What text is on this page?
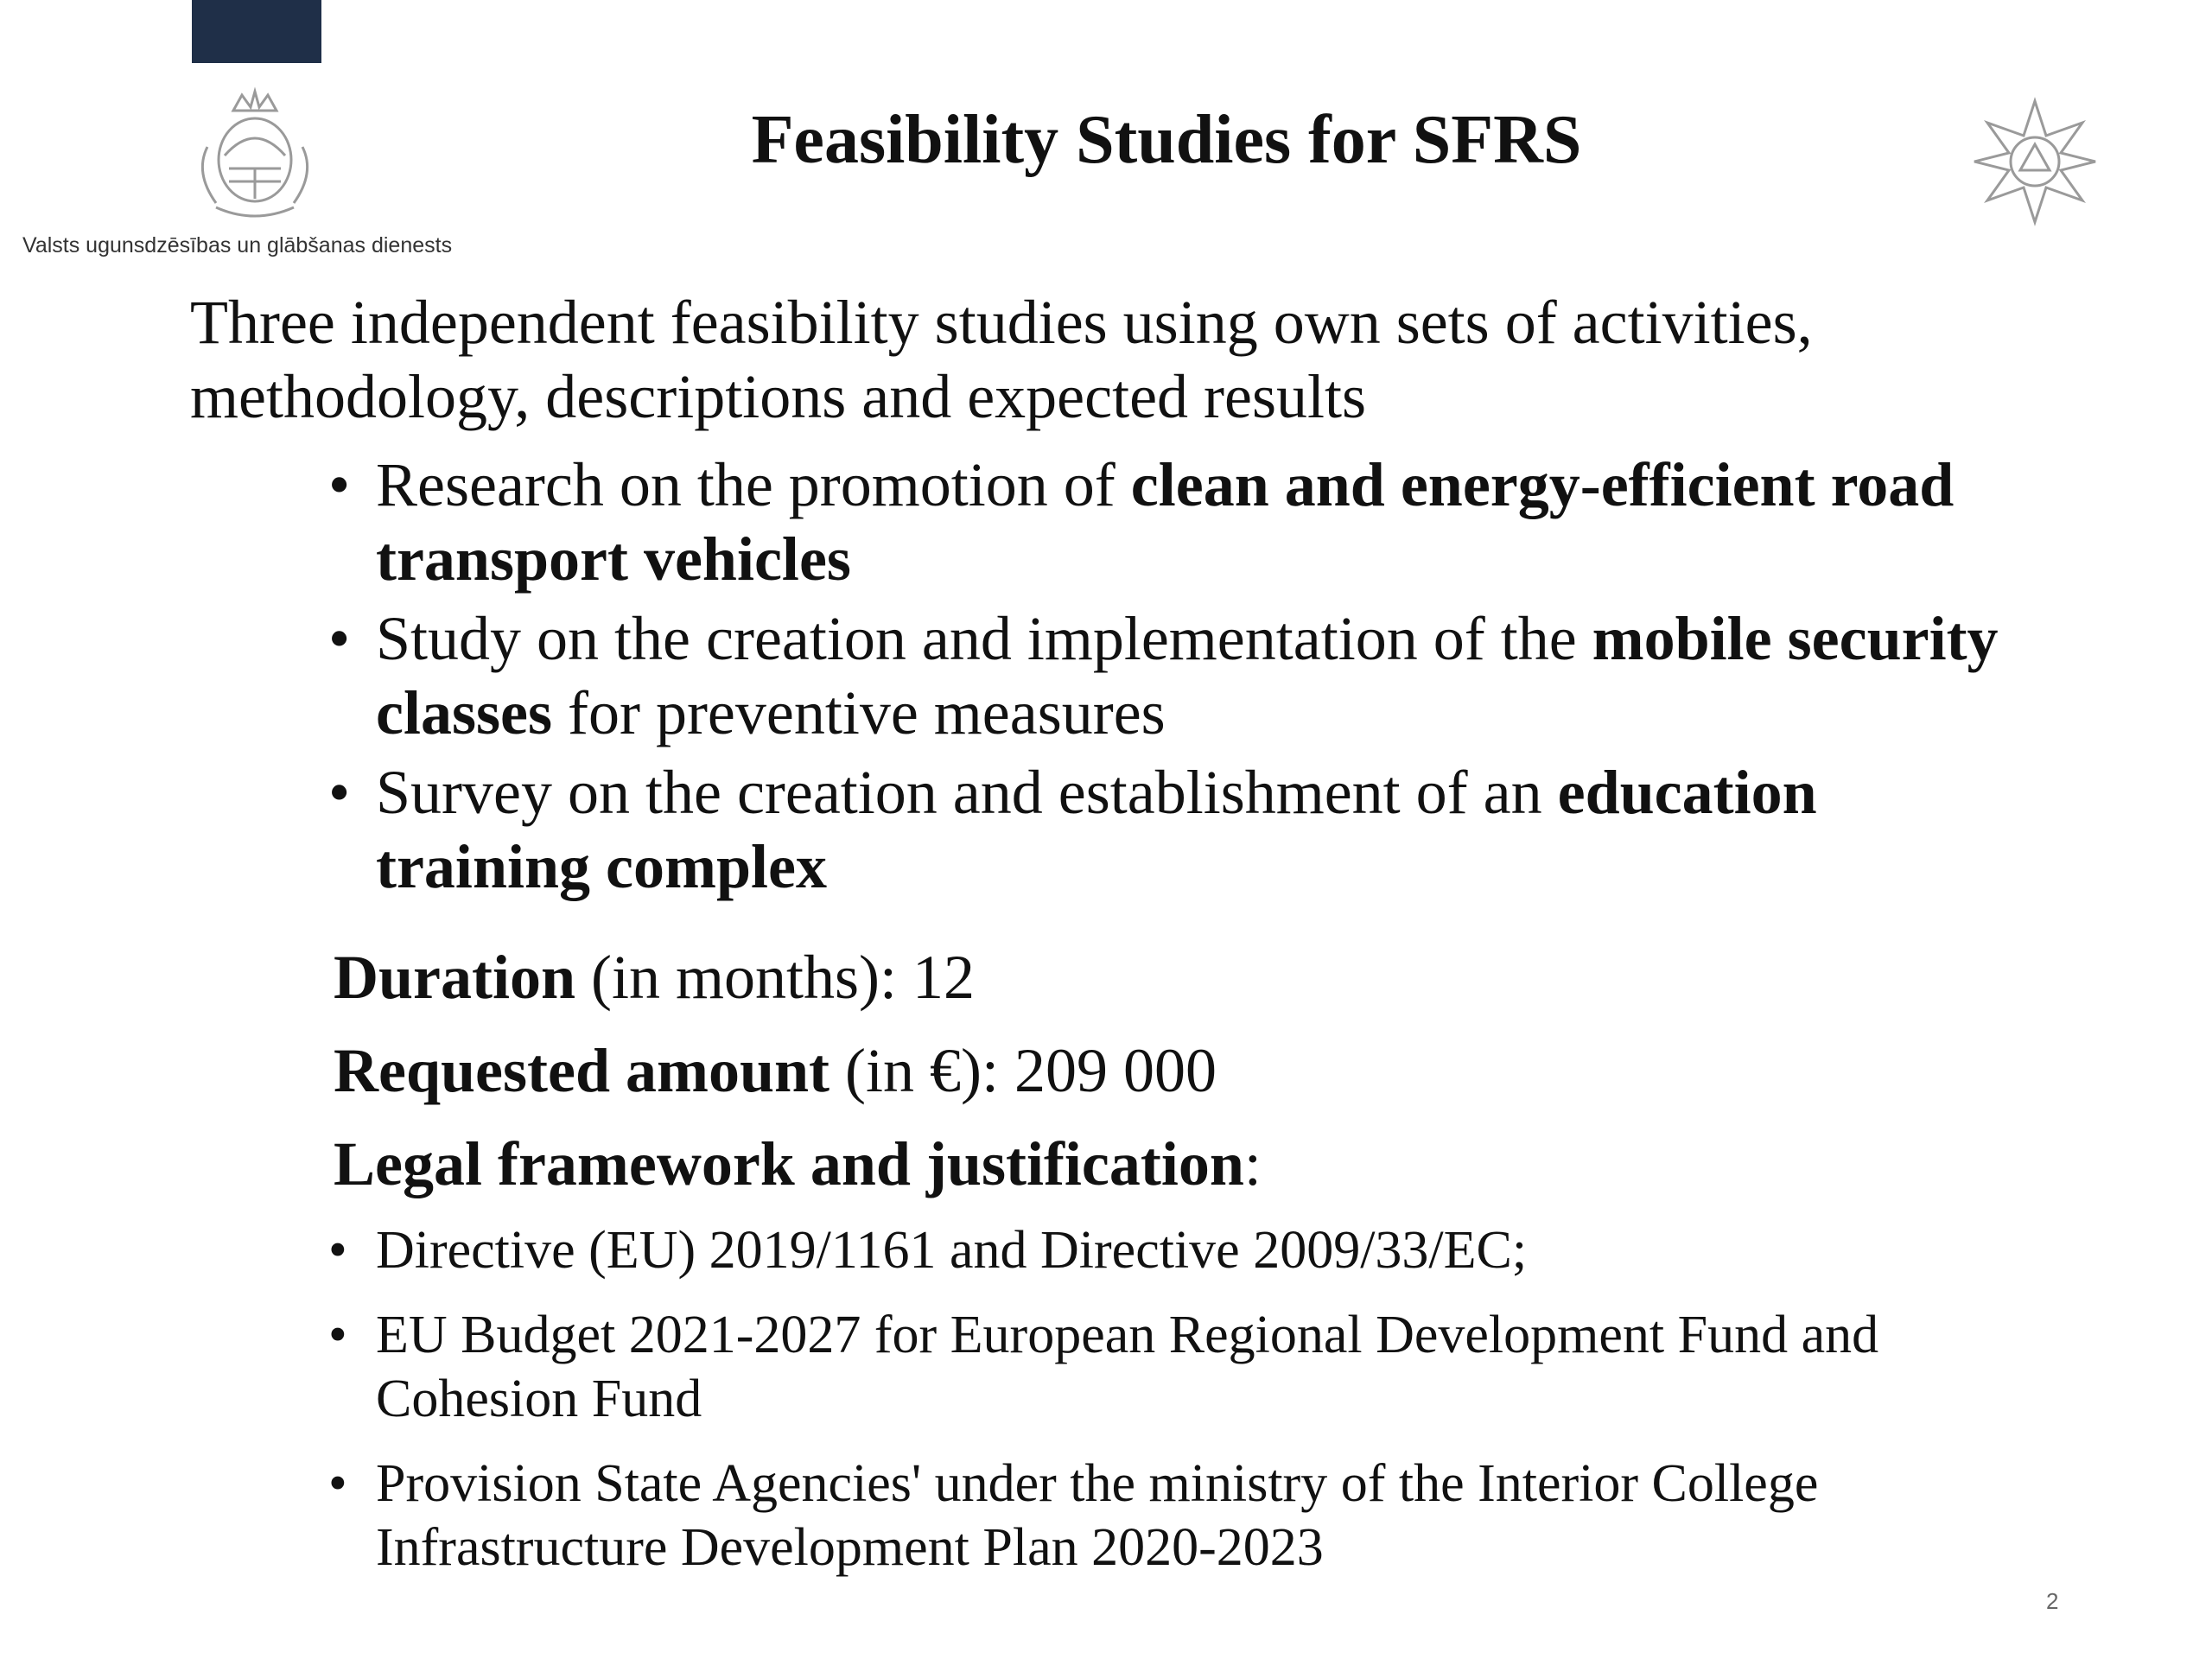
Valsts ugunsdzēsības un glābšanas dienests
Feasibility Studies for SFRS
Three independent feasibility studies using own sets of activities, methodology, descriptions and expected results
• Research on the promotion of clean and energy-efficient road transport vehicles
• Study on the creation and implementation of the mobile security classes for preventive measures
• Survey on the creation and establishment of an education training complex
Duration (in months): 12
Requested amount (in €): 209 000
Legal framework and justification:
• Directive (EU) 2019/1161 and Directive 2009/33/EC;
• EU Budget 2021-2027 for European Regional Development Fund and Cohesion Fund
• Provision State Agencies' under the ministry of the Interior College Infrastructure Development Plan 2020-2023
2
